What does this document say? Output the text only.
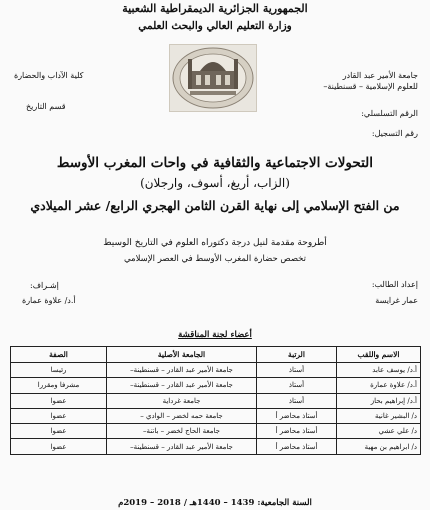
الجمهورية الجزائرية الديمقراطية الشعبية
وزارة التعليم العالي والبحث العلمي
جامعة الأمير عبد القادر
للعلوم الإسلامية – قسنطينة–
كلية الآداب والحضارة
قسم التاريخ
الرقم التسلسلي:
رقم التسجيل:
التحولات الاجتماعية والثقافية في واحات المغرب الأوسط
(الزاب، أريغ، أسوف، وارجلان)
من الفتح الإسلامي إلى نهاية القرن الثامن الهجري الرابع/ عشر الميلادي
أطروحة مقدمة لنيل درجة دكتوراه العلوم في التاريخ الوسيط
تخصص حضارة المغرب الأوسط في العصر الإسلامي
إعداد الطالب:
عمار غرايسة
إشـراف:
أ.د/ علاوة عمارة
أعضاء لجنة المناقشة
الاسم واللقب	الرتبة	الجامعة الأصلية	الصفة
أ.د/ يوسف عابد	أستاذ	جامعة الأمير عبد القادر – قسنطينة–	رئيسا
أ.د/ علاوة عمارة	أستاذ	جامعة الأمير عبد القادر – قسنطينة–	مشرفا ومقررا
أ.د/ إبراهيم بحاز	أستاذ	جامعة غرداية	عضوا
د/ البشير غانية	أستاذ محاضر أ	جامعة حمه لخضر – الوادي –	عضوا
د/ علي عشي	أستاذ محاضر أ	جامعة الحاج لخضر – باتنة–	عضوا
د/ ابراهيم بن مهية	أستاذ محاضر أ	جامعة الأمير عبد القادر – قسنطينة–	عضوا
السنة الجامعية: 1439 – 1440هـ / 2018 – 2019م
